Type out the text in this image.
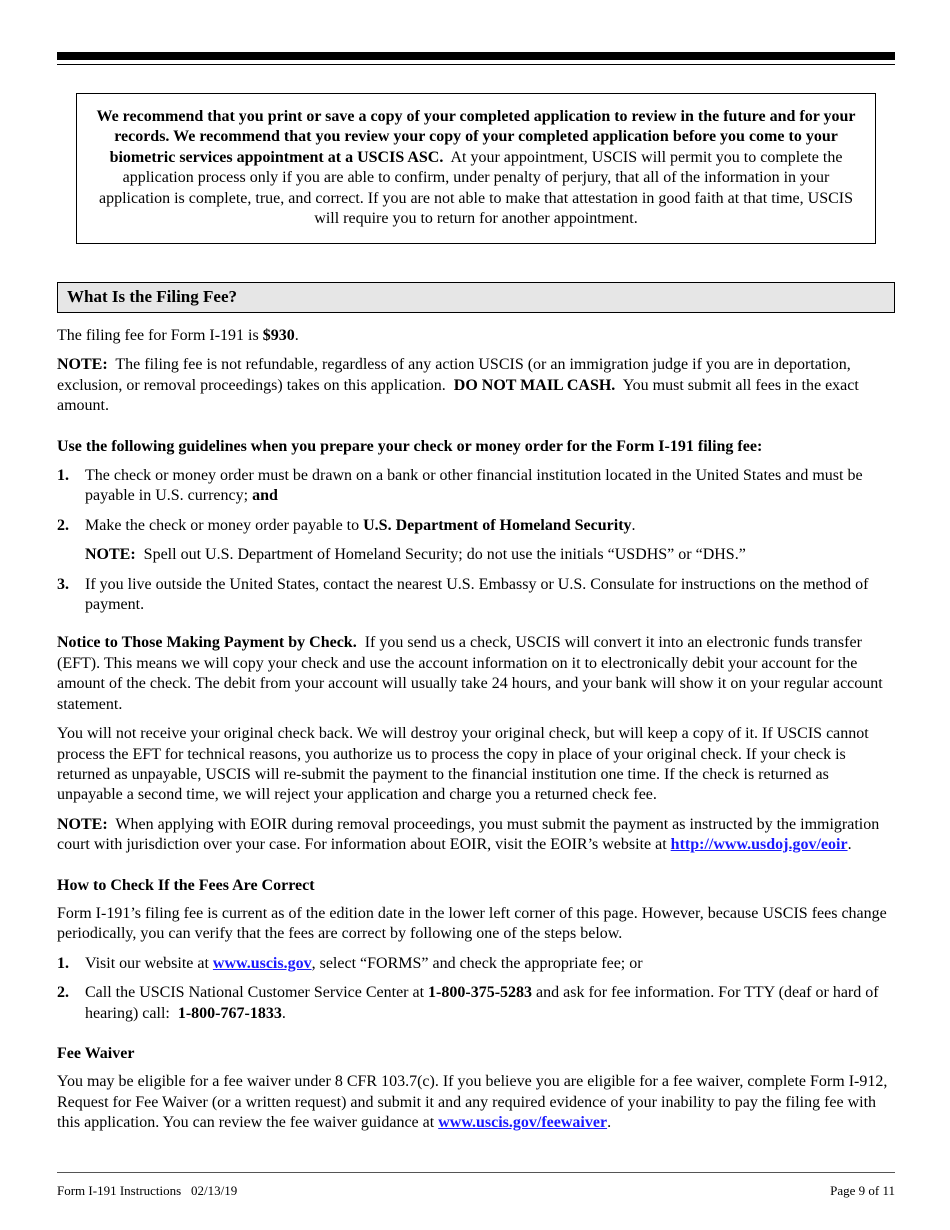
We recommend that you print or save a copy of your completed application to review in the future and for your records. We recommend that you review your copy of your completed application before you come to your biometric services appointment at a USCIS ASC. At your appointment, USCIS will permit you to complete the application process only if you are able to confirm, under penalty of perjury, that all of the information in your application is complete, true, and correct. If you are not able to make that attestation in good faith at that time, USCIS will require you to return for another appointment.
What Is the Filing Fee?

The filing fee for Form I-191 is $930.

NOTE: The filing fee is not refundable, regardless of any action USCIS (or an immigration judge if you are in deportation, exclusion, or removal proceedings) takes on this application. DO NOT MAIL CASH. You must submit all fees in the exact amount.

Use the following guidelines when you prepare your check or money order for the Form I-191 filing fee:

1. The check or money order must be drawn on a bank or other financial institution located in the United States and must be payable in U.S. currency; and
2. Make the check or money order payable to U.S. Department of Homeland Security.

NOTE: Spell out U.S. Department of Homeland Security; do not use the initials “USDHS” or “DHS.”

3. If you live outside the United States, contact the nearest U.S. Embassy or U.S. Consulate for instructions on the method of payment.

Notice to Those Making Payment by Check. If you send us a check, USCIS will convert it into an electronic funds transfer (EFT). This means we will copy your check and use the account information on it to electronically debit your account for the amount of the check. The debit from your account will usually take 24 hours, and your bank will show it on your regular account statement.

You will not receive your original check back. We will destroy your original check, but will keep a copy of it. If USCIS cannot process the EFT for technical reasons, you authorize us to process the copy in place of your original check. If your check is returned as unpayable, USCIS will re-submit the payment to the financial institution one time. If the check is returned as unpayable a second time, we will reject your application and charge you a returned check fee.

NOTE: When applying with EOIR during removal proceedings, you must submit the payment as instructed by the immigration court with jurisdiction over your case. For information about EOIR, visit the EOIR’s website at http://www.usdoj.gov/eoir.

How to Check If the Fees Are Correct

Form I-191’s filing fee is current as of the edition date in the lower left corner of this page. However, because USCIS fees change periodically, you can verify that the fees are correct by following one of the steps below.

1. Visit our website at www.uscis.gov, select “FORMS” and check the appropriate fee; or
2. Call the USCIS National Customer Service Center at 1-800-375-5283 and ask for fee information. For TTY (deaf or hard of hearing) call: 1-800-767-1833.

Fee Waiver

You may be eligible for a fee waiver under 8 CFR 103.7(c). If you believe you are eligible for a fee waiver, complete Form I-912, Request for Fee Waiver (or a written request) and submit it and any required evidence of your inability to pay the filing fee with this application. You can review the fee waiver guidance at www.uscis.gov/feewaiver.

Form I-191 Instructions 02/13/19	Page 9 of 11
